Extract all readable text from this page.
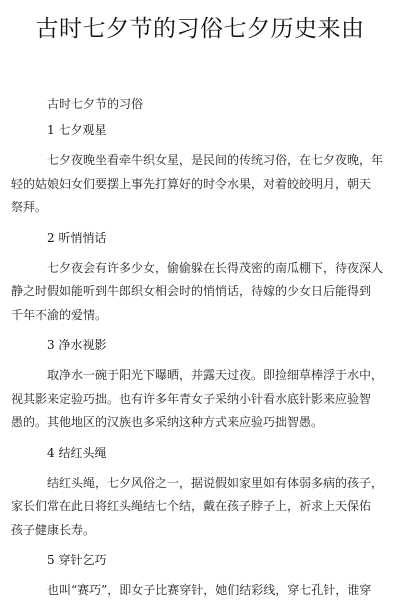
古时七夕节的习俗七夕历史来由
古时七夕节的习俗
1 七夕观星
七夕夜晚坐看牵牛织女星，是民间的传统习俗，在七夕夜晚，年
轻的姑娘妇女们要摆上事先打算好的时令水果，对着皎皎明月，朝天
祭拜。
2 听悄悄话
七夕夜会有许多少女，偷偷躲在长得茂密的南瓜棚下，待夜深人
静之时假如能听到牛郎织女相会时的悄悄话，待嫁的少女日后能得到
千年不渝的爱情。
3 净水视影
取净水一碗于阳光下曝晒，并露天过夜。即捡细草棒浮于水中，
视其影来定验巧拙。也有许多年青女子采纳小针看水底针影来应验智
愚的。其他地区的汉族也多采纳这种方式来应验巧拙智愚。
4 结红头绳
结红头绳，七夕风俗之一，据说假如家里如有体弱多病的孩子，
家长们常在此日将红头绳结七个结，戴在孩子脖子上，祈求上天保佑
孩子健康长寿。
5 穿针乞巧
也叫“赛巧”，即女子比赛穿针，她们结彩线，穿七孔针，谁穿
